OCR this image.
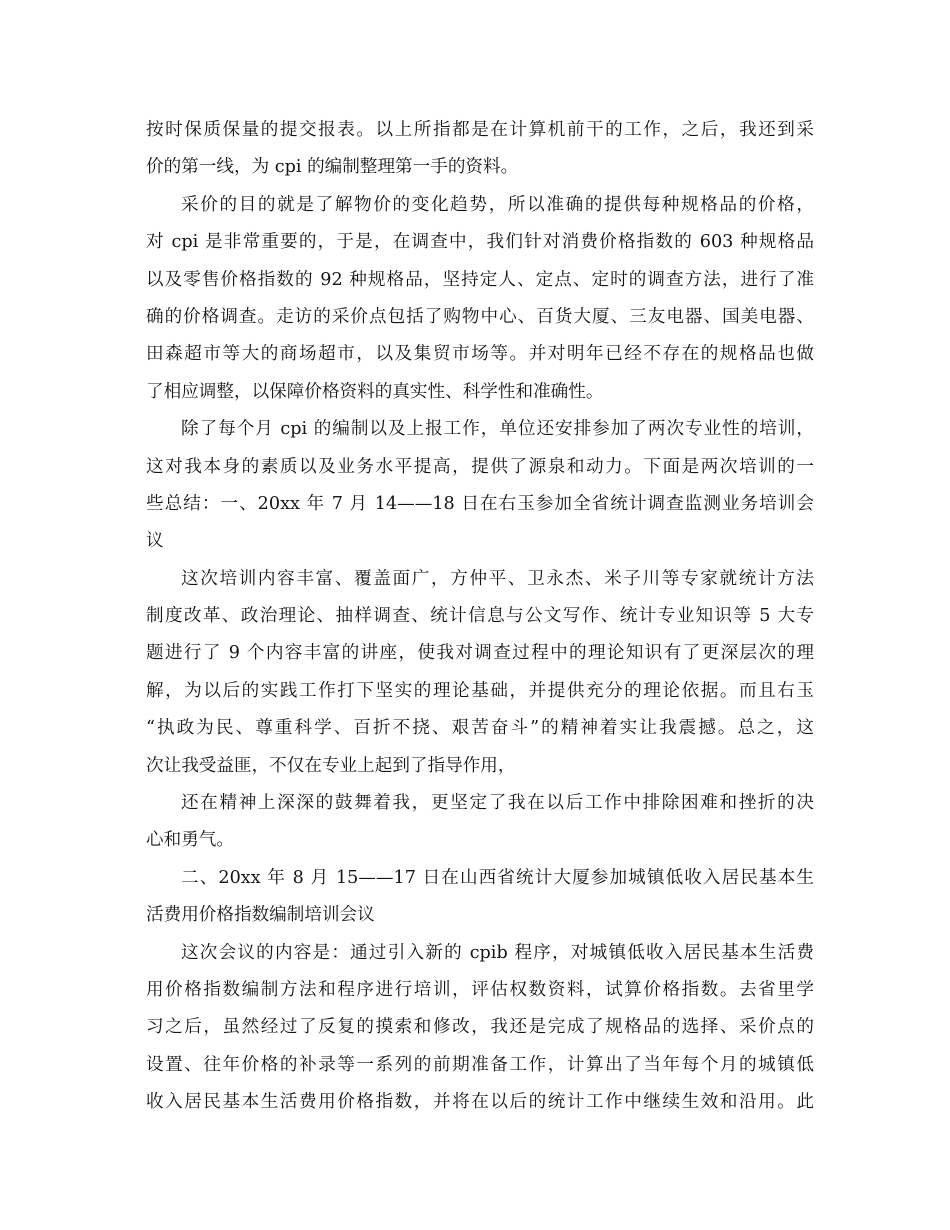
按时保质保量的提交报表。以上所指都是在计算机前干的工作，之后，我还到采
价的第一线，为 cpi 的编制整理第一手的资料。
采价的目的就是了解物价的变化趋势，所以准确的提供每种规格品的价格，
对 cpi 是非常重要的，于是，在调查中，我们针对消费价格指数的 603 种规格品
以及零售价格指数的 92 种规格品，坚持定人、定点、定时的调查方法，进行了准
确的价格调查。走访的采价点包括了购物中心、百货大厦、三友电器、国美电器、
田森超市等大的商场超市，以及集贸市场等。并对明年已经不存在的规格品也做
了相应调整，以保障价格资料的真实性、科学性和准确性。
除了每个月 cpi 的编制以及上报工作，单位还安排参加了两次专业性的培训，
这对我本身的素质以及业务水平提高，提供了源泉和动力。下面是两次培训的一
些总结：一、20xx 年 7 月 14——18 日在右玉参加全省统计调查监测业务培训会
议
这次培训内容丰富、覆盖面广，方仲平、卫永杰、米子川等专家就统计方法
制度改革、政治理论、抽样调查、统计信息与公文写作、统计专业知识等 5 大专
题进行了 9 个内容丰富的讲座，使我对调查过程中的理论知识有了更深层次的理
解，为以后的实践工作打下坚实的理论基础，并提供充分的理论依据。而且右玉
“执政为民、尊重科学、百折不挠、艰苦奋斗”的精神着实让我震撼。总之，这
次让我受益匪，不仅在专业上起到了指导作用，
还在精神上深深的鼓舞着我，更坚定了我在以后工作中排除困难和挫折的决
心和勇气。
二、20xx 年 8 月 15——17 日在山西省统计大厦参加城镇低收入居民基本生
活费用价格指数编制培训会议
这次会议的内容是：通过引入新的 cpib 程序，对城镇低收入居民基本生活费
用价格指数编制方法和程序进行培训，评估权数资料，试算价格指数。去省里学
习之后，虽然经过了反复的摸索和修改，我还是完成了规格品的选择、采价点的
设置、往年价格的补录等一系列的前期准备工作，计算出了当年每个月的城镇低
收入居民基本生活费用价格指数，并将在以后的统计工作中继续生效和沿用。此
